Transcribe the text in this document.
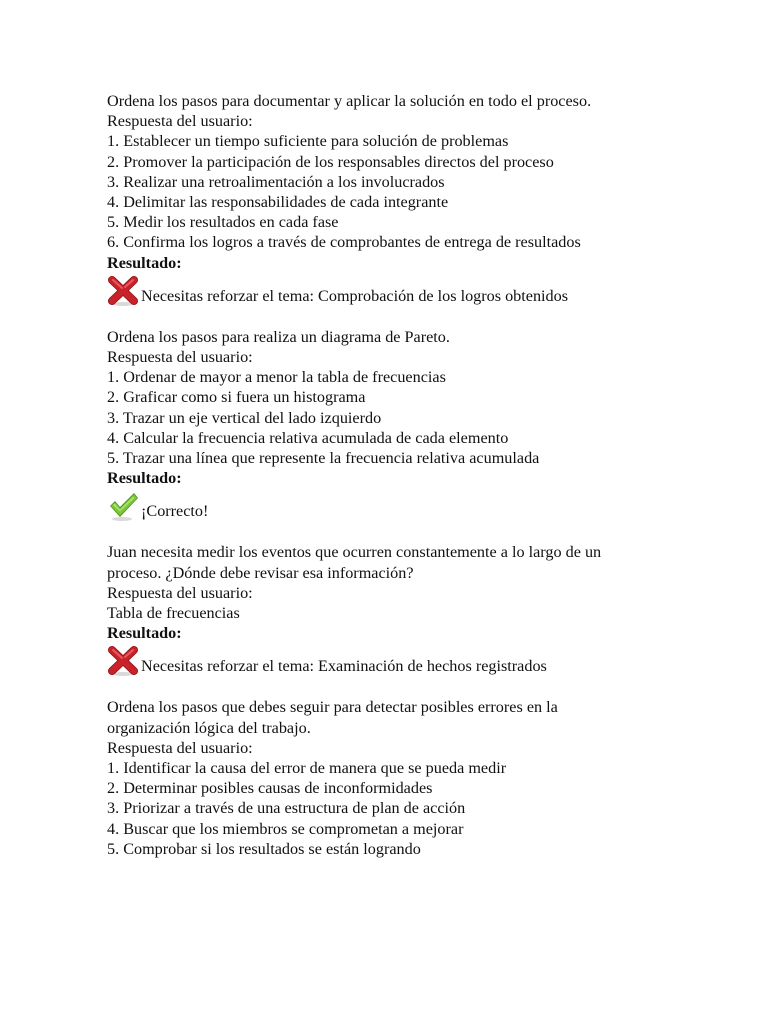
Ordena los pasos para documentar y aplicar la solución en todo el proceso.
Respuesta del usuario:
1. Establecer un tiempo suficiente para solución de problemas
2. Promover la participación de los responsables directos del proceso
3. Realizar una retroalimentación a los involucrados
4. Delimitar las responsabilidades de cada integrante
5. Medir los resultados en cada fase
6. Confirma los logros a través de comprobantes de entrega de resultados
Resultado:
Necesitas reforzar el tema: Comprobación de los logros obtenidos
Ordena los pasos para realiza un diagrama de Pareto.
Respuesta del usuario:
1. Ordenar de mayor a menor la tabla de frecuencias
2. Graficar como si fuera un histograma
3. Trazar un eje vertical del lado izquierdo
4. Calcular la frecuencia relativa acumulada de cada elemento
5. Trazar una línea que represente la frecuencia relativa acumulada
Resultado:
¡Correcto!
Juan necesita medir los eventos que ocurren constantemente a lo largo de un
proceso. ¿Dónde debe revisar esa información?
Respuesta del usuario:
Tabla de frecuencias
Resultado:
Necesitas reforzar el tema: Examinación de hechos registrados
Ordena los pasos que debes seguir para detectar posibles errores en la
organización lógica del trabajo.
Respuesta del usuario:
1. Identificar la causa del error de manera que se pueda medir
2. Determinar posibles causas de inconformidades
3. Priorizar a través de una estructura de plan de acción
4. Buscar que los miembros se comprometan a mejorar
5. Comprobar si los resultados se están logrando
